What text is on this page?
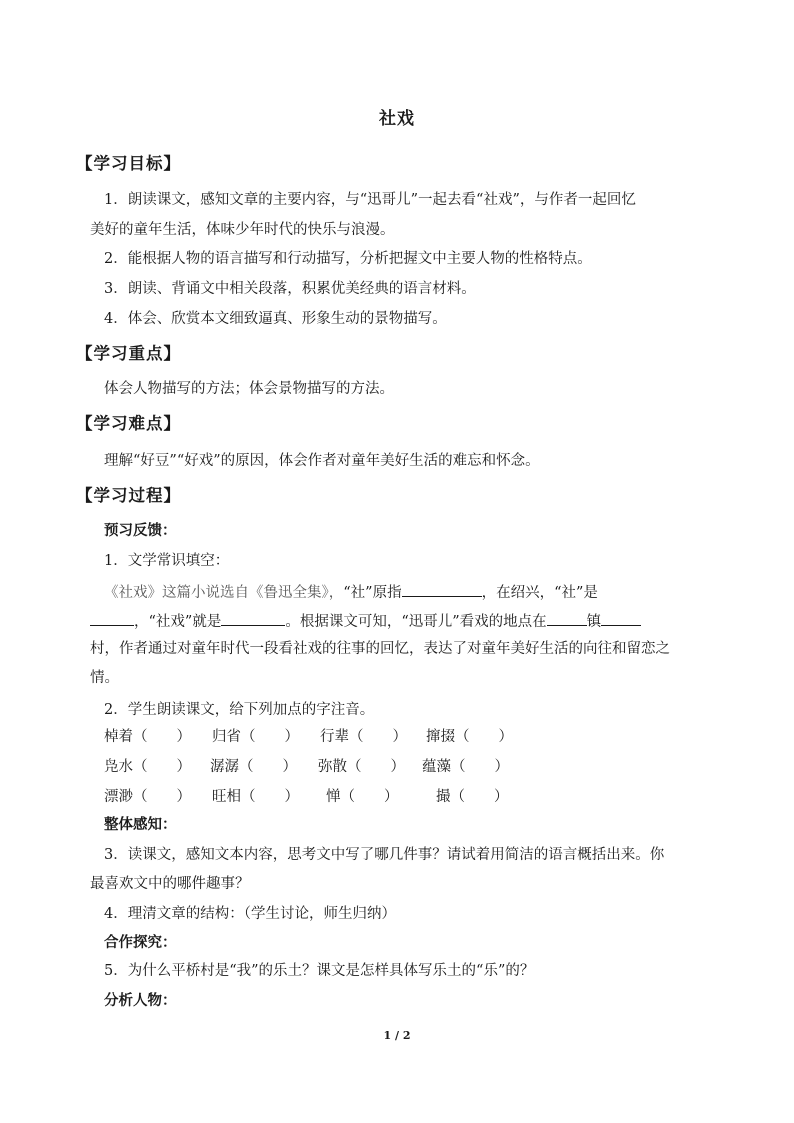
社戏
【学习目标】
1．朗读课文，感知文章的主要内容，与“迅哥儿”一起去看“社戏”，与作者一起回忆
美好的童年生活，体味少年时代的快乐与浪漫。
2．能根据人物的语言描写和行动描写，分析把握文中主要人物的性格特点。
3．朗读、背诵文中相关段落，积累优美经典的语言材料。
4．体会、欣赏本文细致逼真、形象生动的景物描写。
【学习重点】
体会人物描写的方法；体会景物描写的方法。
【学习难点】
理解“好豆”“好戏”的原因，体会作者对童年美好生活的难忘和怀念。
【学习过程】
预习反馈：
1．文学常识填空：
《社戏》这篇小说选自《鲁迅全集》，“社”原指	，在绍兴，“社”是
，“社戏”就是	。根据课文可知，“迅哥儿”看戏的地点在	镇
村，作者通过对童年时代一段看社戏的往事的回忆，表达了对童年美好生活的向往和留恋之
情。
2．学生朗读课文，给下列加点的字注音。
棹着（　　） 归省（　　） 行辈（　　） 撺掇（　　）
凫水（　　） 潺潺（　　） 弥散（　　） 蕴藻（　　）
漂渺（　　） 旺相（　　） 惮（　　）	撮（　　）
整体感知：
3．读课文，感知文本内容，思考文中写了哪几件事？请试着用简洁的语言概括出来。你
最喜欢文中的哪件趣事？
4．理清文章的结构：（学生讨论，师生归纳）
合作探究：
5．为什么平桥村是“我”的乐土？课文是怎样具体写乐土的“乐”的？
分析人物：
1 / 2
